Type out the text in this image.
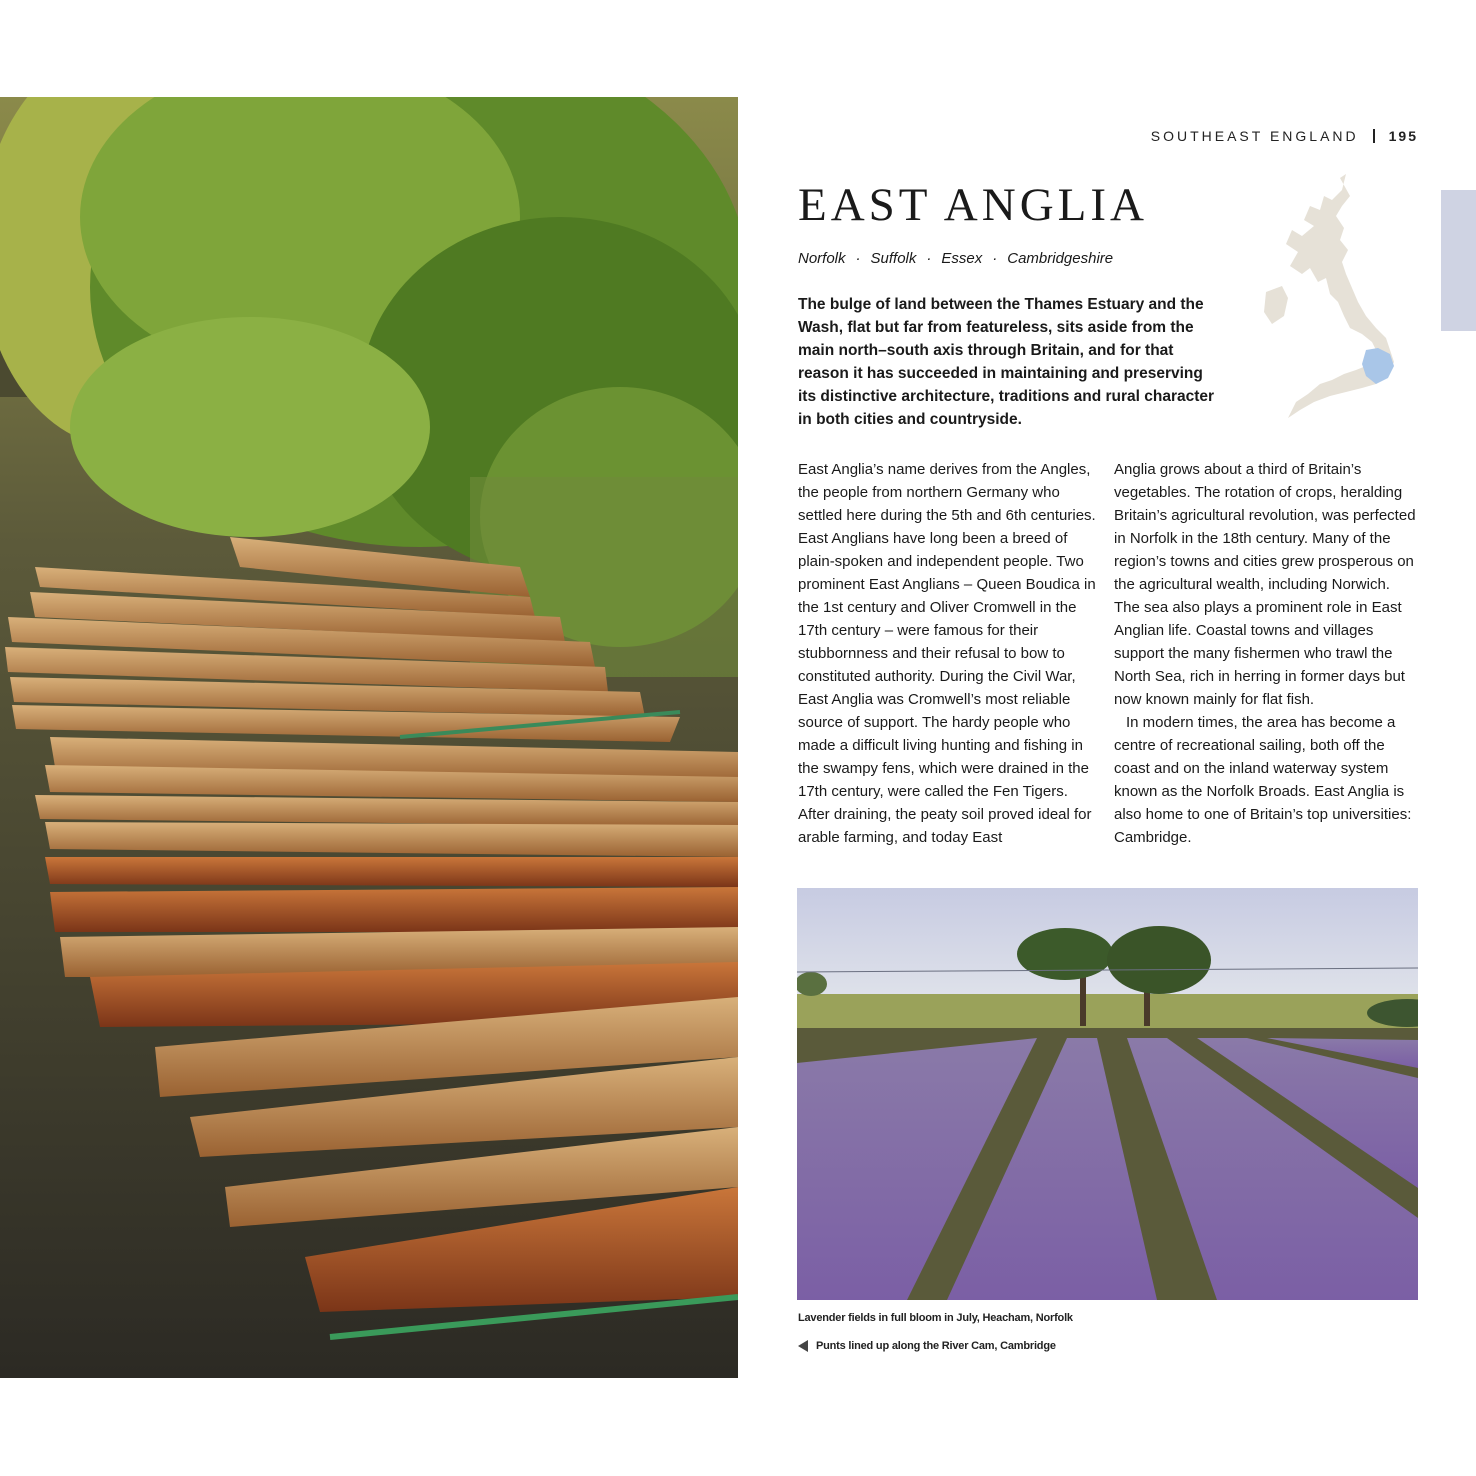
SOUTHEAST ENGLAND 195
EAST ANGLIA
Norfolk · Suffolk · Essex · Cambridgeshire

The bulge of land between the Thames Estuary and the Wash, flat but far from featureless, sits aside from the main north–south axis through Britain, and for that reason it has succeeded in maintaining and preserving its distinctive architecture, traditions and rural character in both cities and countryside.

East Anglia’s name derives from the Angles, the people from northern Germany who settled here during the 5th and 6th centuries. East Anglians have long been a breed of plain-spoken and independent people. Two prominent East Anglians – Queen Boudica in the 1st century and Oliver Cromwell in the 17th century – were famous for their stubbornness and their refusal to bow to constituted authority. During the Civil War, East Anglia was Cromwell’s most reliable source of support. The hardy people who made a difficult living hunting and fishing in the swampy fens, which were drained in the 17th century, were called the Fen Tigers. After draining, the peaty soil proved ideal for arable farming, and today East

Anglia grows about a third of Britain’s vegetables. The rotation of crops, heralding Britain’s agricultural revolution, was perfected in Norfolk in the 18th century. Many of the region’s towns and cities grew prosperous on the agricultural wealth, including Norwich. The sea also plays a prominent role in East Anglian life. Coastal towns and villages support the many fishermen who trawl the North Sea, rich in herring in former days but now known mainly for flat fish.

In modern times, the area has become a centre of recreational sailing, both off the coast and on the inland waterway system known as the Norfolk Broads. East Anglia is also home to one of Britain’s top universities: Cambridge.

Lavender fields in full bloom in July, Heacham, Norfolk
Punts lined up along the River Cam, Cambridge
